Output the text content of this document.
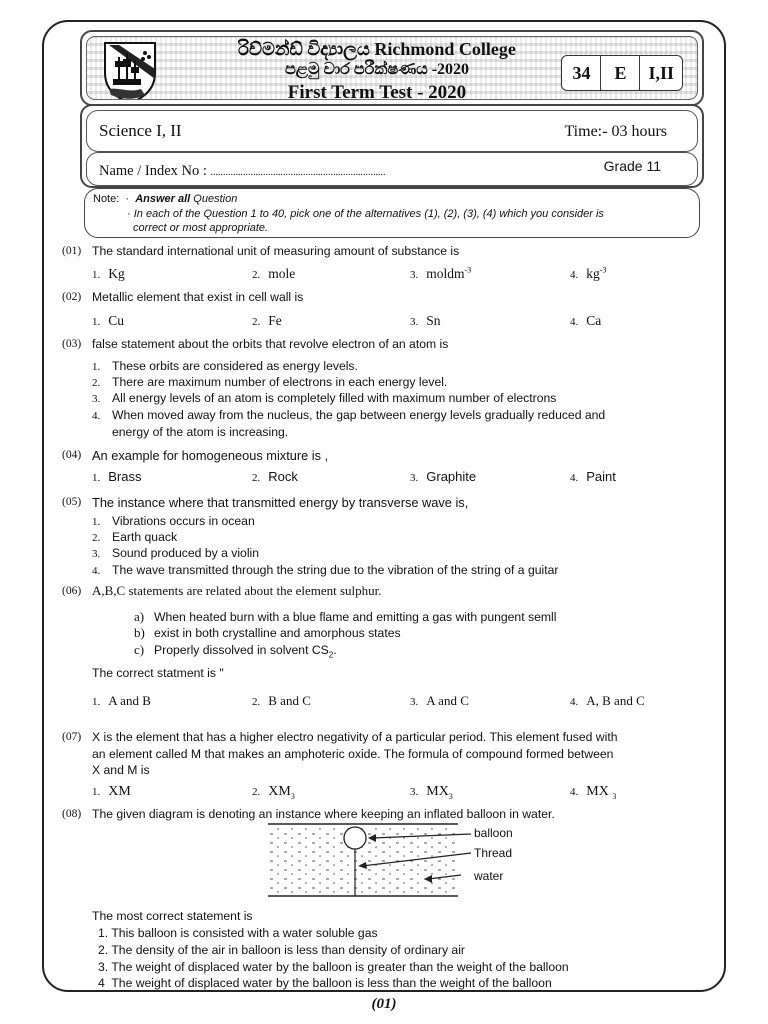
රිච්මන්ඩ් විද්‍යාලය Richmond College
පළමු වාර පරීක්ෂණය -2020
First Term Test - 2020
34	E	I,II
Science I, II	Time:- 03 hours
Name / Index No : ......................................................................	Grade 11
Note:  ·  Answer all Question
· In each of the Question 1 to 40, pick one of the alternatives (1), (2), (3), (4) which you consider is
correct or most appropriate.
(01) The standard international unit of measuring amount of substance is
1. Kg	2. mole	3. moldm$^{-3}$	4. $kg^{-3}$
(02) Metallic element that exist in cell wall is
1. Cu	2. Fe	3. Sn	4. Ca
(03) false statement about the orbits that revolve electron of an atom is
1. These orbits are considered as energy levels.
2. There are maximum number of electrons in each energy level.
3. All energy levels of an atom is completely filled with maximum number of electrons
4. When moved away from the nucleus, the gap between energy levels gradually reduced and
energy of the atom is increasing.
(04) An example for homogeneous mixture is ,
1. Brass	2. Rock	3. Graphite	4. Paint
(05) The instance where that transmitted energy by transverse wave is,
1. Vibrations occurs in ocean
2. Earth quack
3. Sound produced by a violin
4. The wave transmitted through the string due to the vibration of the string of a guitar
(06) A,B,C statements are related about the element sulphur.
a) When heated burn with a blue flame and emitting a gas with pungent semll
b) exist in both crystalline and amorphous states
c) Properly dissolved in solvent $CS_2$.
The correct statment is "
1. A and B	2. B and C	3. A and C	4. A, B and C
(07) X is the element that has a higher electro negativity of a particular period. This element fused with
an element called M that makes an amphoteric oxide. The formula of compound formed between
X and M is
1. XM	2. $XM_3$	3. $MX_3$	4. MX $_3$
(08) The given diagram is denoting an instance where keeping an inflated balloon in water.
balloon
Thread
water
The most correct statement is
1. This balloon is consisted with a water soluble gas
2. The density of the air in balloon is less than density of ordinary air
3. The weight of displaced water by the balloon is greater than the weight of the balloon
4 The weight of displaced water by the balloon is less than the weight of the balloon
(01)
